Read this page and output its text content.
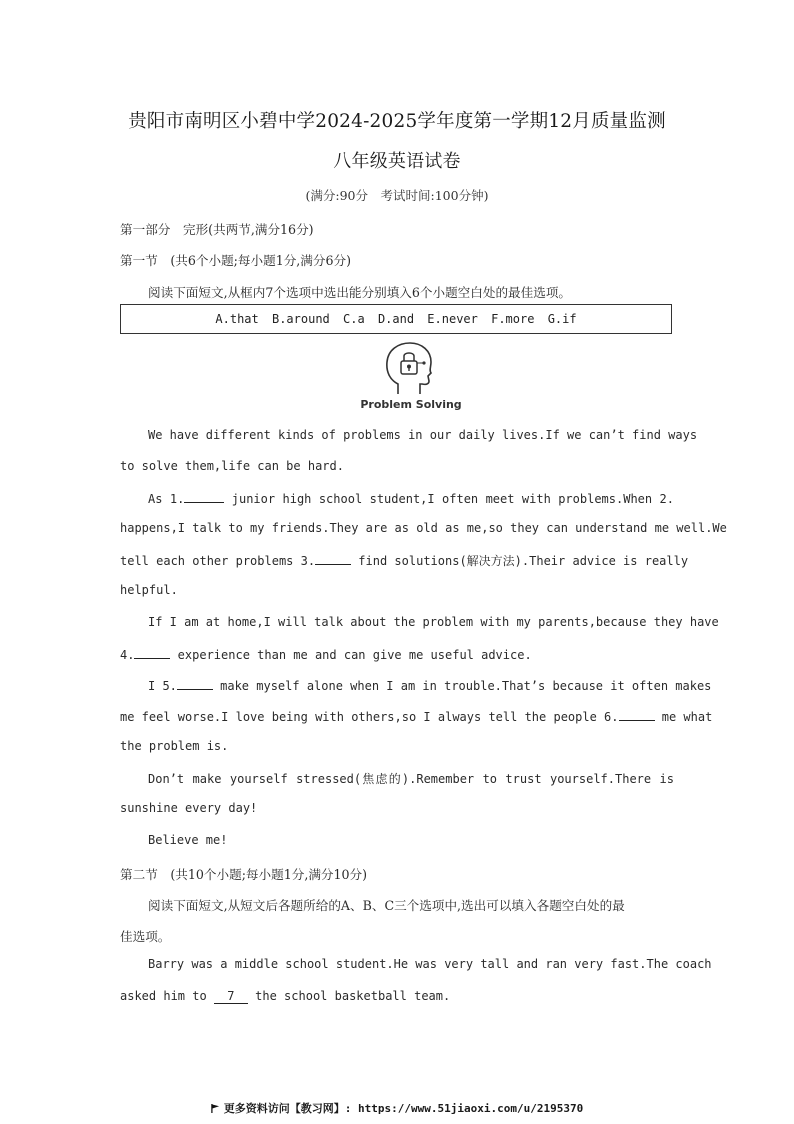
贵阳市南明区小碧中学2024-2025学年度第一学期12月质量监测
八年级英语试卷
(满分:90分　考试时间:100分钟)
第一部分　完形(共两节,满分16分)
第一节　(共6个小题;每小题1分,满分6分)
阅读下面短文,从框内7个选项中选出能分别填入6个小题空白处的最佳选项。
A.that B.around C.a D.and E.never F.more G.if
Problem Solving
We have different kinds of problems in our daily lives.If we can’t find ways
to solve them,life can be hard.
As 1.	junior high school student,I often meet with problems.When 2.
happens,I talk to my friends.They are as old as me,so they can understand me well.We
tell each other problems 3.	find solutions(解决方法).Their advice is really
helpful.
If I am at home,I will talk about the problem with my parents,because they have
4.	experience than me and can give me useful advice.
I 5.	make myself alone when I am in trouble.That’s because it often makes
me feel worse.I love being with others,so I always tell the people 6.	me what
the problem is.
Don’t make yourself stressed(焦虑的).Remember to trust yourself.There is
sunshine every day!
Believe me!
第二节　(共10个小题;每小题1分,满分10分)
阅读下面短文,从短文后各题所给的A、B、C三个选项中,选出可以填入各题空白处的最
佳选项。
Barry was a middle school student.He was very tall and ran very fast.The coach
asked him to 7 the school basketball team.
更多资料访问【教习网】: https://www.51jiaoxi.com/u/2195370
